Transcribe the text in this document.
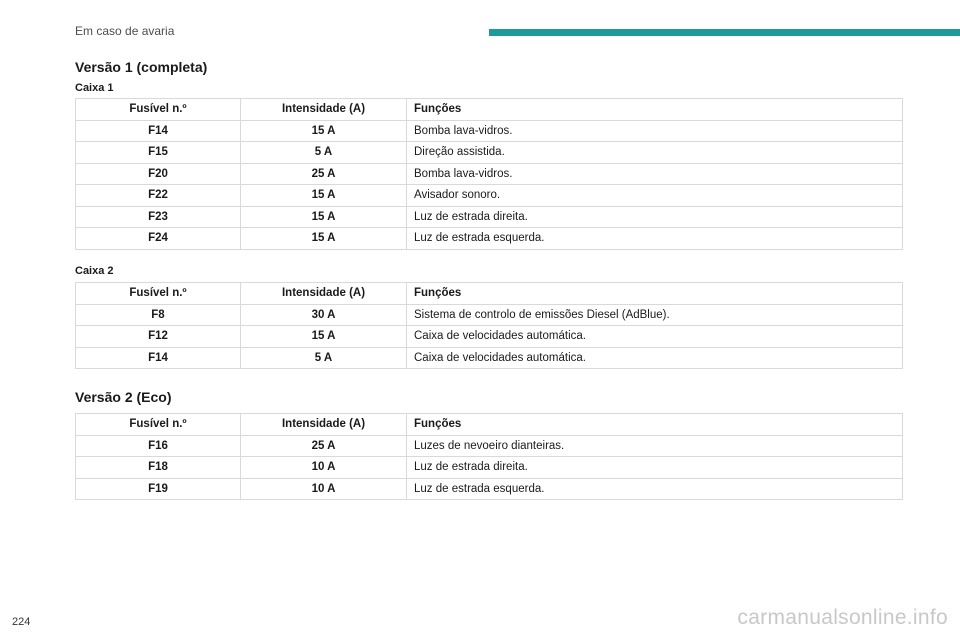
Em caso de avaria
Versão 1 (completa)
Caixa 1
Fusível n.º	Intensidade (A)	Funções
F14	15 A	Bomba lava-vidros.
F15	5 A	Direção assistida.
F20	25 A	Bomba lava-vidros.
F22	15 A	Avisador sonoro.
F23	15 A	Luz de estrada direita.
F24	15 A	Luz de estrada esquerda.
Caixa 2
Fusível n.º	Intensidade (A)	Funções
F8	30 A	Sistema de controlo de emissões Diesel (AdBlue).
F12	15 A	Caixa de velocidades automática.
F14	5 A	Caixa de velocidades automática.
Versão 2 (Eco)
Fusível n.º	Intensidade (A)	Funções
F16	25 A	Luzes de nevoeiro dianteiras.
F18	10 A	Luz de estrada direita.
F19	10 A	Luz de estrada esquerda.
224	carmanualsonline.info
